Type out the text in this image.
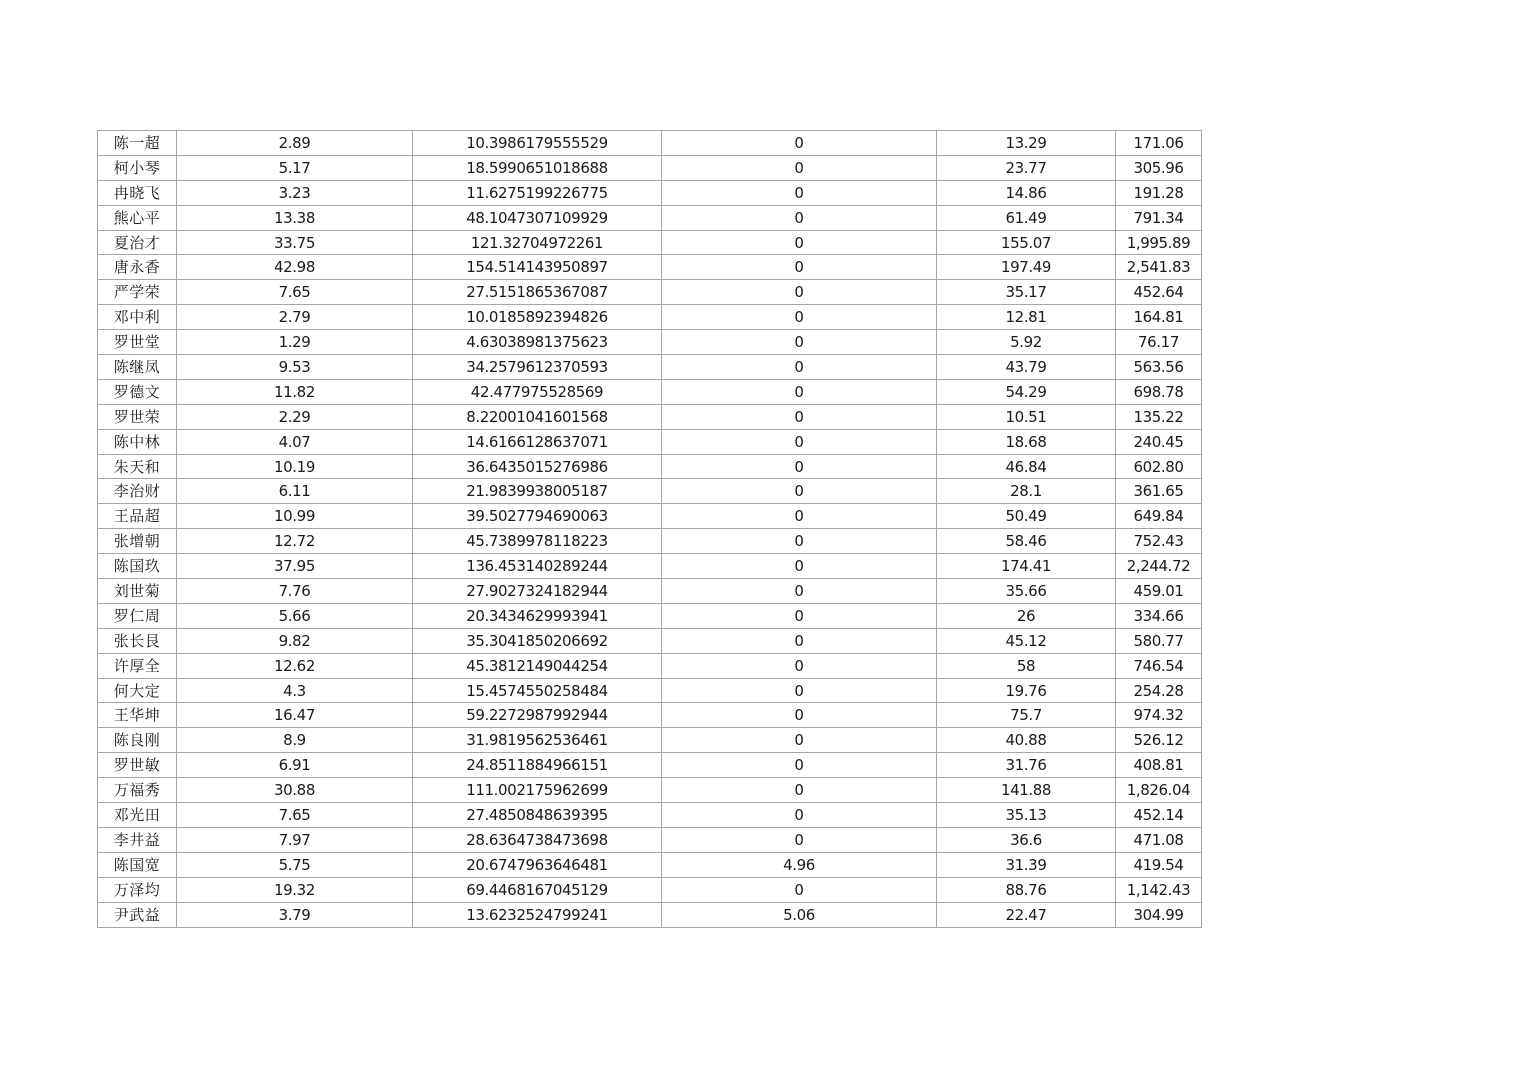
陈一超	2.89	10.3986179555529	0	13.29	171.06
柯小琴	5.17	18.5990651018688	0	23.77	305.96
冉晓飞	3.23	11.6275199226775	0	14.86	191.28
熊心平	13.38	48.1047307109929	0	61.49	791.34
夏治才	33.75	121.32704972261	0	155.07	1,995.89
唐永香	42.98	154.514143950897	0	197.49	2,541.83
严学荣	7.65	27.5151865367087	0	35.17	452.64
邓中利	2.79	10.0185892394826	0	12.81	164.81
罗世堂	1.29	4.63038981375623	0	5.92	76.17
陈继凤	9.53	34.2579612370593	0	43.79	563.56
罗德文	11.82	42.477975528569	0	54.29	698.78
罗世荣	2.29	8.22001041601568	0	10.51	135.22
陈中林	4.07	14.6166128637071	0	18.68	240.45
朱天和	10.19	36.6435015276986	0	46.84	602.80
李治财	6.11	21.9839938005187	0	28.1	361.65
王品超	10.99	39.5027794690063	0	50.49	649.84
张增朝	12.72	45.7389978118223	0	58.46	752.43
陈国玖	37.95	136.453140289244	0	174.41	2,244.72
刘世菊	7.76	27.9027324182944	0	35.66	459.01
罗仁周	5.66	20.3434629993941	0	26	334.66
张长艮	9.82	35.3041850206692	0	45.12	580.77
许厚全	12.62	45.3812149044254	0	58	746.54
何大定	4.3	15.4574550258484	0	19.76	254.28
王华坤	16.47	59.2272987992944	0	75.7	974.32
陈良刚	8.9	31.9819562536461	0	40.88	526.12
罗世敏	6.91	24.8511884966151	0	31.76	408.81
万福秀	30.88	111.002175962699	0	141.88	1,826.04
邓光田	7.65	27.4850848639395	0	35.13	452.14
李井益	7.97	28.6364738473698	0	36.6	471.08
陈国宽	5.75	20.6747963646481	4.96	31.39	419.54
万泽均	19.32	69.4468167045129	0	88.76	1,142.43
尹武益	3.79	13.6232524799241	5.06	22.47	304.99
